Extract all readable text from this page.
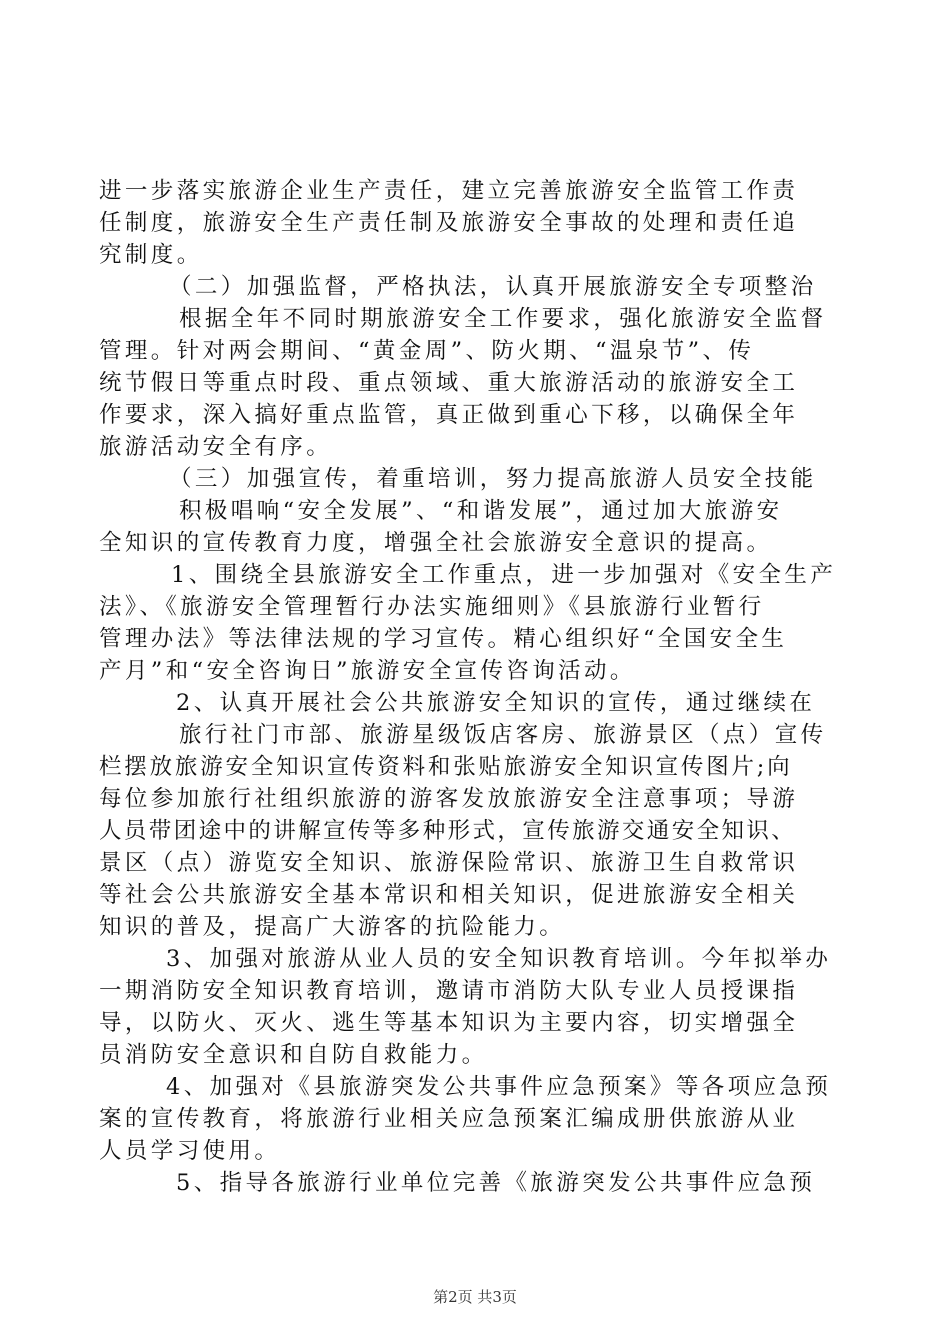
进一步落实旅游企业生产责任，建立完善旅游安全监管工作责
任制度，旅游安全生产责任制及旅游安全事故的处理和责任追
究制度。
（二）加强监督，严格执法，认真开展旅游安全专项整治
根据全年不同时期旅游安全工作要求，强化旅游安全监督
管理。针对两会期间、“黄金周”、防火期、“温泉节”、传
统节假日等重点时段、重点领域、重大旅游活动的旅游安全工
作要求，深入搞好重点监管，真正做到重心下移，以确保全年
旅游活动安全有序。
（三）加强宣传，着重培训，努力提高旅游人员安全技能
积极唱响“安全发展”、“和谐发展”，通过加大旅游安
全知识的宣传教育力度，增强全社会旅游安全意识的提高。
1、围绕全县旅游安全工作重点，进一步加强对《安全生产
法》、《旅游安全管理暂行办法实施细则》《县旅游行业暂行
管理办法》等法律法规的学习宣传。精心组织好“全国安全生
产月”和“安全咨询日”旅游安全宣传咨询活动。
2、认真开展社会公共旅游安全知识的宣传，通过继续在
旅行社门市部、旅游星级饭店客房、旅游景区（点）宣传
栏摆放旅游安全知识宣传资料和张贴旅游安全知识宣传图片;向
每位参加旅行社组织旅游的游客发放旅游安全注意事项；导游
人员带团途中的讲解宣传等多种形式，宣传旅游交通安全知识、
景区（点）游览安全知识、旅游保险常识、旅游卫生自救常识
等社会公共旅游安全基本常识和相关知识，促进旅游安全相关
知识的普及，提高广大游客的抗险能力。
3、加强对旅游从业人员的安全知识教育培训。今年拟举办
一期消防安全知识教育培训，邀请市消防大队专业人员授课指
导，以防火、灭火、逃生等基本知识为主要内容，切实增强全
员消防安全意识和自防自救能力。
4、加强对《县旅游突发公共事件应急预案》等各项应急预
案的宣传教育，将旅游行业相关应急预案汇编成册供旅游从业
人员学习使用。
5、指导各旅游行业单位完善《旅游突发公共事件应急预
第2页 共3页
